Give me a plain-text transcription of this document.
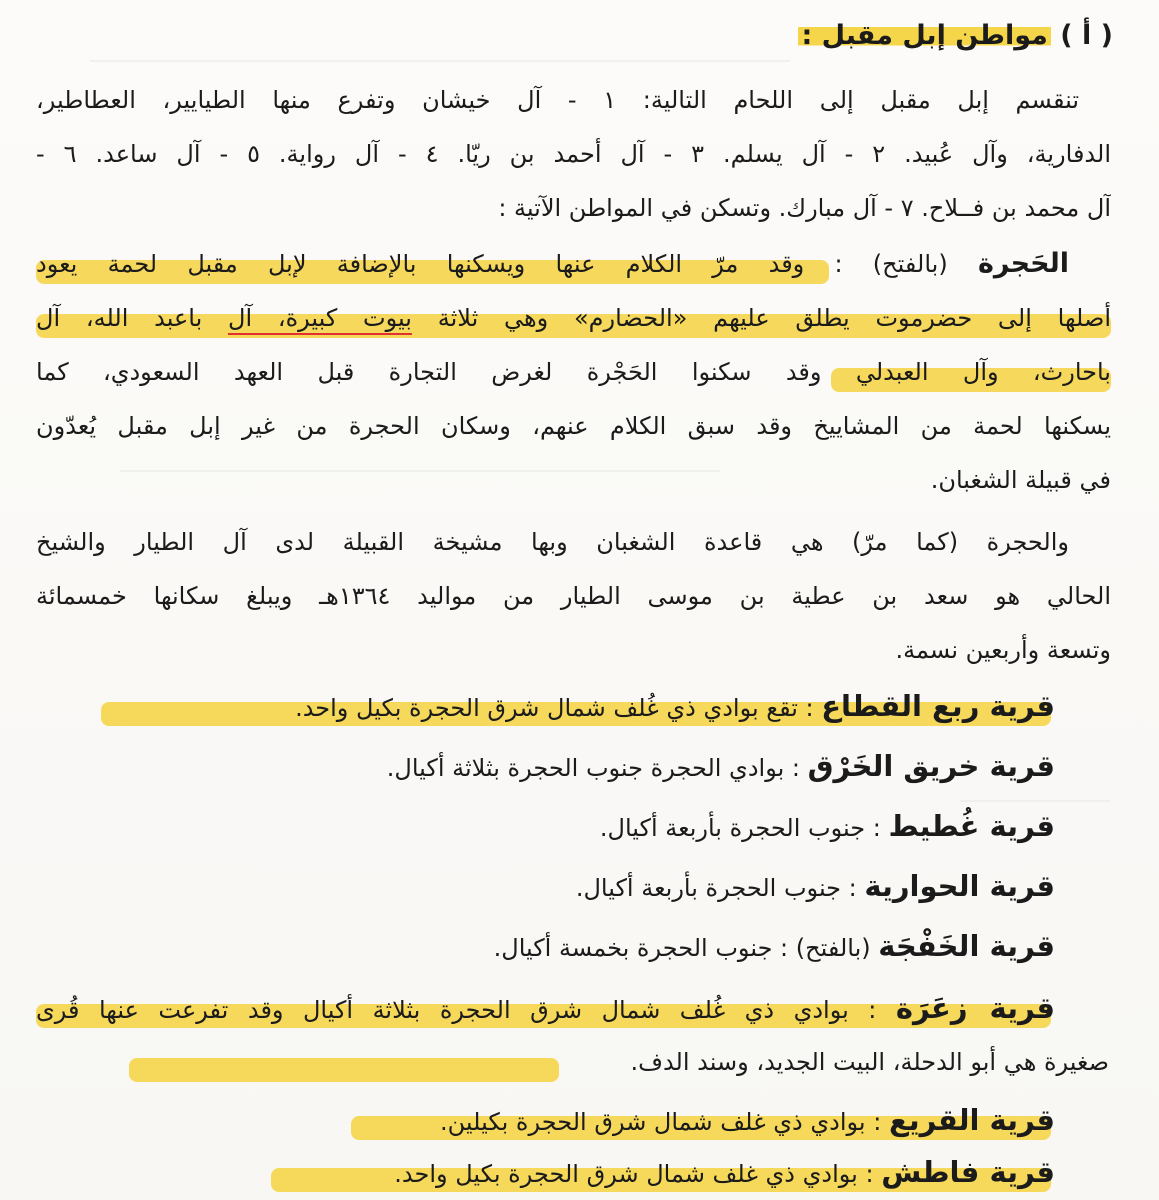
( أ ) مواطن إبل مقبل :
تنقسم إبل مقبل إلى اللحام التالية: ١ - آل خيشان وتفرع منها الطيايير، العطاطير،
الدفارية، وآل عُبيد. ٢ - آل يسلم. ٣ - آل أحمد بن ريّا. ٤ - آل رواية. ٥ - آل ساعد. ٦ -
آل محمد بن فــلاح. ٧ - آل مبارك. وتسكن في المواطن الآتية :
الحَجرة (بالفتح) : وقد مرّ الكلام عنها ويسكنها بالإضافة لإبل مقبل لحمة يعود
أصلها إلى حضرموت يطلق عليهم «الحضارم» وهي ثلاثة بيوت كبيرة، آل باعبد الله، آل
باحارث، وآل العبدلي وقد سكنوا الحَجْرة لغرض التجارة قبل العهد السعودي، كما
يسكنها لحمة من المشاييخ وقد سبق الكلام عنهم، وسكان الحجرة من غير إبل مقبل يُعدّون
في قبيلة الشغبان.
والحجرة (كما مرّ) هي قاعدة الشغبان وبها مشيخة القبيلة لدى آل الطيار والشيخ
الحالي هو سعد بن عطية بن موسى الطيار من مواليد ١٣٦٤هـ ويبلغ سكانها خمسمائة
وتسعة وأربعين نسمة.
قرية ربع القطاع : تقع بوادي ذي غُلف شمال شرق الحجرة بكيل واحد.
قرية خريق الخَرْق : بوادي الحجرة جنوب الحجرة بثلاثة أكيال.
قرية غُطيط : جنوب الحجرة بأربعة أكيال.
قرية الحوارية : جنوب الحجرة بأربعة أكيال.
قرية الخَفْجَة (بالفتح) : جنوب الحجرة بخمسة أكيال.
قرية زعَرَة : بوادي ذي غُلف شمال شرق الحجرة بثلاثة أكيال وقد تفرعت عنها قُرى
صغيرة هي أبو الدحلة، البيت الجديد، وسند الدف.
قرية القريع : بوادي ذي غلف شمال شرق الحجرة بكيلين.
قرية فاطش : بوادي ذي غلف شمال شرق الحجرة بكيل واحد.
